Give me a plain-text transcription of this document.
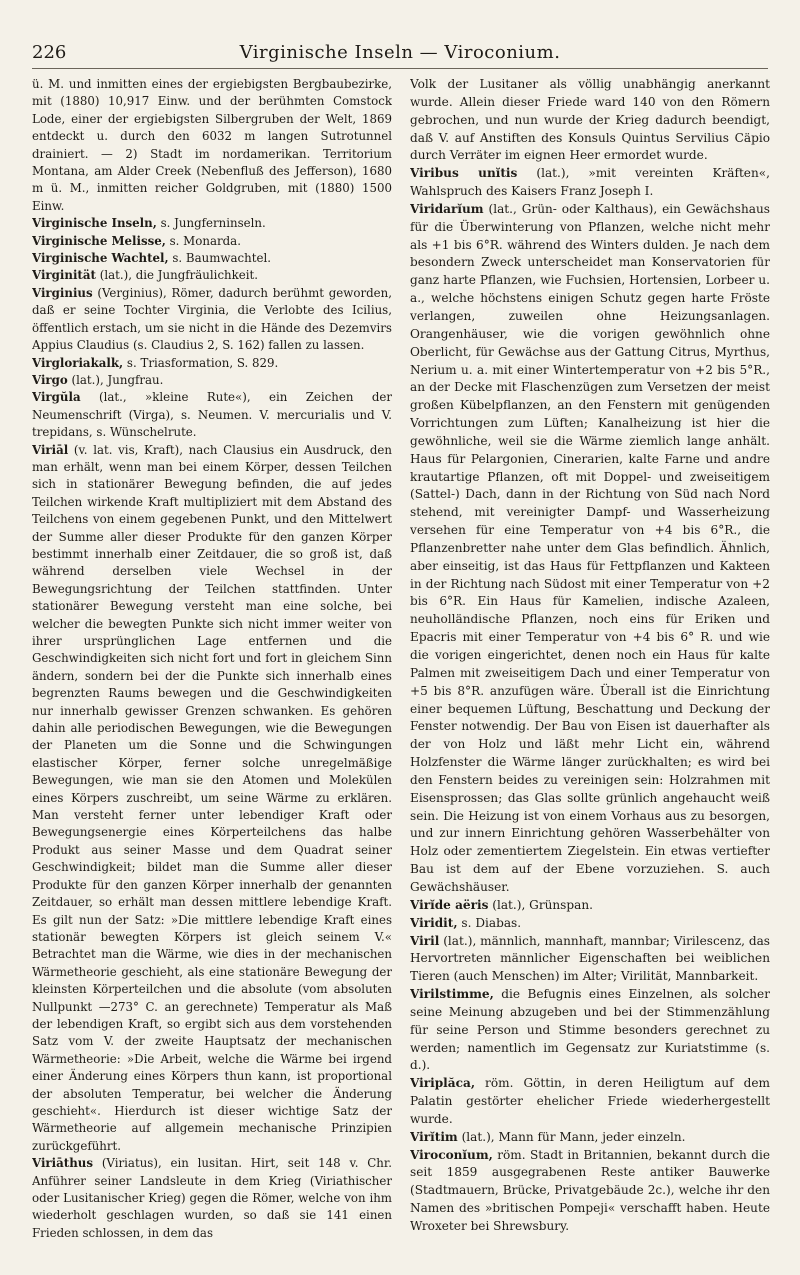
226	Virginische Inseln — Viroconium.

ü. M. und inmitten eines der ergiebigsten Bergbaubezirke, mit (1880) 10,917 Einw. und der berühmten Comstock Lode, einer der ergiebigsten Silbergruben der Welt, 1869 entdeckt u. durch den 6032 m langen Sutrotunnel drainiert. — 2) Stadt im nordamerikan. Territorium Montana, am Alder Creek (Nebenfluß des Jefferson), 1680 m ü. M., inmitten reicher Goldgruben, mit (1880) 1500 Einw.

Virginische Inseln, s. Jungferninseln.

Virginische Melisse, s. Monarda.

Virginische Wachtel, s. Baumwachtel.

Virginität (lat.), die Jungfräulichkeit.

Virginius (Verginius), Römer, dadurch berühmt geworden, daß er seine Tochter Virginia, die Verlobte des Icilius, öffentlich erstach, um sie nicht in die Hände des Dezemvirs Appius Claudius (s. Claudius 2, S. 162) fallen zu lassen.

Virgloriakalk, s. Triasformation, S. 829.

Virgo (lat.), Jungfrau.

Virgŭla (lat., »kleine Rute«), ein Zeichen der Neumenschrift (Virga), s. Neumen. V. mercurialis und V. trepidans, s. Wünschelrute.

Viriāl (v. lat. vis, Kraft), nach Clausius ein Ausdruck, den man erhält, wenn man bei einem Körper, dessen Teilchen sich in stationärer Bewegung befinden, die auf jedes Teilchen wirkende Kraft multipliziert mit dem Abstand des Teilchens von einem gegebenen Punkt, und den Mittelwert der Summe aller dieser Produkte für den ganzen Körper bestimmt innerhalb einer Zeitdauer, die so groß ist, daß während derselben viele Wechsel in der Bewegungsrichtung der Teilchen stattfinden. Unter stationärer Bewegung versteht man eine solche, bei welcher die bewegten Punkte sich nicht immer weiter von ihrer ursprünglichen Lage entfernen und die Geschwindigkeiten sich nicht fort und fort in gleichem Sinn ändern, sondern bei der die Punkte sich innerhalb eines begrenzten Raums bewegen und die Geschwindigkeiten nur innerhalb gewisser Grenzen schwanken. Es gehören dahin alle periodischen Bewegungen, wie die Bewegungen der Planeten um die Sonne und die Schwingungen elastischer Körper, ferner solche unregelmäßige Bewegungen, wie man sie den Atomen und Molekülen eines Körpers zuschreibt, um seine Wärme zu erklären. Man versteht ferner unter lebendiger Kraft oder Bewegungsenergie eines Körperteilchens das halbe Produkt aus seiner Masse und dem Quadrat seiner Geschwindigkeit; bildet man die Summe aller dieser Produkte für den ganzen Körper innerhalb der genannten Zeitdauer, so erhält man dessen mittlere lebendige Kraft. Es gilt nun der Satz: »Die mittlere lebendige Kraft eines stationär bewegten Körpers ist gleich seinem V.« Betrachtet man die Wärme, wie dies in der mechanischen Wärmetheorie geschieht, als eine stationäre Bewegung der kleinsten Körperteilchen und die absolute (vom absoluten Nullpunkt —273° C. an gerechnete) Temperatur als Maß der lebendigen Kraft, so ergibt sich aus dem vorstehenden Satz vom V. der zweite Hauptsatz der mechanischen Wärmetheorie: »Die Arbeit, welche die Wärme bei irgend einer Änderung eines Körpers thun kann, ist proportional der absoluten Temperatur, bei welcher die Änderung geschieht«. Hierdurch ist dieser wichtige Satz der Wärmetheorie auf allgemein mechanische Prinzipien zurückgeführt.

Viriāthus (Viriatus), ein lusitan. Hirt, seit 148 v. Chr. Anführer seiner Landsleute in dem Krieg (Viriathischer oder Lusitanischer Krieg) gegen die Römer, welche von ihm wiederholt geschlagen wurden, so daß sie 141 einen Frieden schlossen, in dem das

Volk der Lusitaner als völlig unabhängig anerkannt wurde. Allein dieser Friede ward 140 von den Römern gebrochen, und nun wurde der Krieg dadurch beendigt, daß V. auf Anstiften des Konsuls Quintus Servilius Cäpio durch Verräter im eignen Heer ermordet wurde.

Viribus unĭtis (lat.), »mit vereinten Kräften«, Wahlspruch des Kaisers Franz Joseph I.

Viridarĭum (lat., Grün- oder Kalthaus), ein Gewächshaus für die Überwinterung von Pflanzen, welche nicht mehr als +1 bis 6°R. während des Winters dulden. Je nach dem besondern Zweck unterscheidet man Konservatorien für ganz harte Pflanzen, wie Fuchsien, Hortensien, Lorbeer u. a., welche höchstens einigen Schutz gegen harte Fröste verlangen, zuweilen ohne Heizungsanlagen. Orangenhäuser, wie die vorigen gewöhnlich ohne Oberlicht, für Gewächse aus der Gattung Citrus, Myrthus, Nerium u. a. mit einer Wintertemperatur von +2 bis 5°R., an der Decke mit Flaschenzügen zum Versetzen der meist großen Kübelpflanzen, an den Fenstern mit genügenden Vorrichtungen zum Lüften; Kanalheizung ist hier die gewöhnliche, weil sie die Wärme ziemlich lange anhält. Haus für Pelargonien, Cinerarien, kalte Farne und andre krautartige Pflanzen, oft mit Doppel- und zweiseitigem (Sattel-) Dach, dann in der Richtung von Süd nach Nord stehend, mit vereinigter Dampf- und Wasserheizung versehen für eine Temperatur von +4 bis 6°R., die Pflanzenbretter nahe unter dem Glas befindlich. Ähnlich, aber einseitig, ist das Haus für Fettpflanzen und Kakteen in der Richtung nach Südost mit einer Temperatur von +2 bis 6°R. Ein Haus für Kamelien, indische Azaleen, neuholländische Pflanzen, noch eins für Eriken und Epacris mit einer Temperatur von +4 bis 6° R. und wie die vorigen eingerichtet, denen noch ein Haus für kalte Palmen mit zweiseitigem Dach und einer Temperatur von +5 bis 8°R. anzufügen wäre. Überall ist die Einrichtung einer bequemen Lüftung, Beschattung und Deckung der Fenster notwendig. Der Bau von Eisen ist dauerhafter als der von Holz und läßt mehr Licht ein, während Holzfenster die Wärme länger zurückhalten; es wird bei den Fenstern beides zu vereinigen sein: Holzrahmen mit Eisensprossen; das Glas sollte grünlich angehaucht weiß sein. Die Heizung ist von einem Vorhaus aus zu besorgen, und zur innern Einrichtung gehören Wasserbehälter von Holz oder zementiertem Ziegelstein. Ein etwas vertiefter Bau ist dem auf der Ebene vorzuziehen. S. auch Gewächshäuser.

Virĭde aëris (lat.), Grünspan.

Viridit, s. Diabas.

Viril (lat.), männlich, mannhaft, mannbar; Virilescenz, das Hervortreten männlicher Eigenschaften bei weiblichen Tieren (auch Menschen) im Alter; Virilität, Mannbarkeit.

Virilstimme, die Befugnis eines Einzelnen, als solcher seine Meinung abzugeben und bei der Stimmenzählung für seine Person und Stimme besonders gerechnet zu werden; namentlich im Gegensatz zur Kuriatstimme (s. d.).

Viriplăca, röm. Göttin, in deren Heiligtum auf dem Palatin gestörter ehelicher Friede wiederhergestellt wurde.

Virĭtim (lat.), Mann für Mann, jeder einzeln.

Viroconĭum, röm. Stadt in Britannien, bekannt durch die seit 1859 ausgegrabenen Reste antiker Bauwerke (Stadtmauern, Brücke, Privatgebäude 2c.), welche ihr den Namen des »britischen Pompeji« verschafft haben. Heute Wroxeter bei Shrewsbury.
